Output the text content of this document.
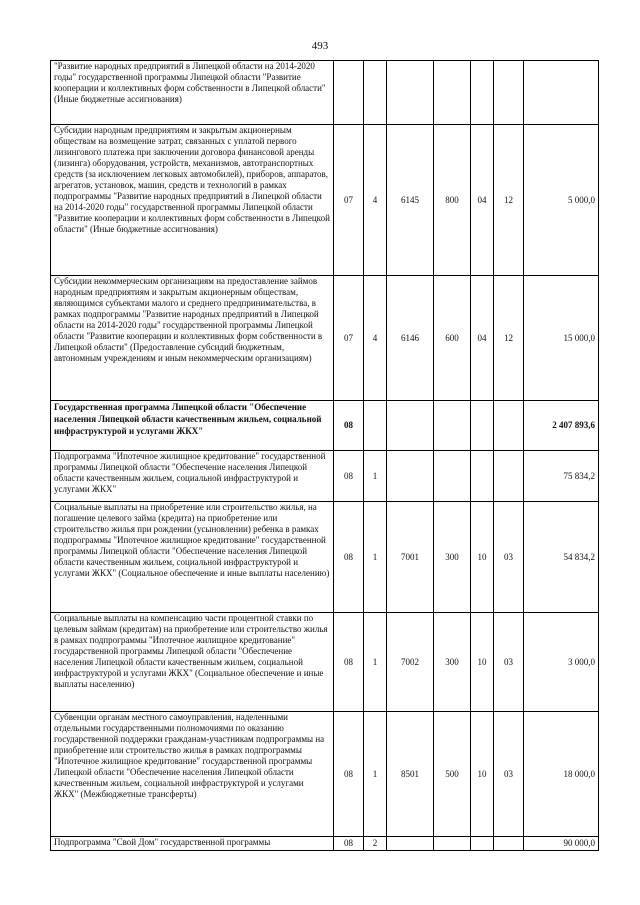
493
"Развитие народных предприятий в Липецкой области на 2014-2020 годы" государственной программы Липецкой области "Развитие кооперации и коллективных форм собственности в Липецкой области" (Иные бюджетные ассигнования)							
Субсидии народным предприятиям и закрытым акционерным обществам на возмещение затрат, связанных с уплатой первого лизингового платежа при заключении договора финансовой аренды (лизинга) оборудования, устройств, механизмов, автотранспортных средств (за исключением легковых автомобилей), приборов, аппаратов, агрегатов, установок, машин, средств и технологий в рамках подпрограммы "Развитие народных предприятий в Липецкой области на 2014-2020 годы" государственной программы Липецкой области "Развитие кооперации и коллективных форм собственности в Липецкой области" (Иные бюджетные ассигнования)	07	4	6145	800	04	12	5 000,0
Субсидии некоммерческим организациям на предоставление займов народным предприятиям и закрытым акционерным обществам, являющимся субъектами малого и среднего предпринимательства, в рамках подпрограммы "Развитие народных предприятий в Липецкой области на 2014-2020 годы" государственной программы Липецкой области "Развитие кооперации и коллективных форм собственности в Липецкой области" (Предоставление субсидий бюджетным, автономным учреждениям и иным некоммерческим организациям)	07	4	6146	600	04	12	15 000,0
Государственная программа Липецкой области "Обеспечение населения Липецкой области качественным жильем, социальной инфраструктурой и услугами ЖКХ"	08						2 407 893,6
Подпрограмма "Ипотечное жилищное кредитование" государственной программы Липецкой области "Обеспечение населения Липецкой области качественным жильем, социальной инфраструктурой и услугами ЖКХ"	08	1					75 834,2
Социальные выплаты на приобретение или строительство жилья, на погашение целевого займа (кредита) на приобретение или строительство жилья при рождении (усыновлении) ребенка в рамках подпрограммы "Ипотечное жилищное кредитование" государственной программы Липецкой области "Обеспечение населения Липецкой области качественным жильем, социальной инфраструктурой и услугами ЖКХ" (Социальное обеспечение и иные выплаты населению)	08	1	7001	300	10	03	54 834,2
Социальные выплаты на компенсацию части процентной ставки по целевым займам (кредитам) на приобретение или строительство жилья в рамках подпрограммы "Ипотечное жилищное кредитование" государственной программы Липецкой области "Обеспечение населения Липецкой области качественным жильем, социальной инфраструктурой и услугами ЖКХ" (Социальное обеспечение и иные выплаты населению)	08	1	7002	300	10	03	3 000,0
Субвенции органам местного самоуправления, наделенными отдельными государственными полномочиями по оказанию государственной поддержки гражданам-участникам подпрограммы на приобретение или строительство жилья в рамках подпрограммы "Ипотечное жилищное кредитование" государственной программы Липецкой области "Обеспечение населения Липецкой области качественным жильем, социальной инфраструктурой и услугами ЖКХ" (Межбюджетные трансферты)	08	1	8501	500	10	03	18 000,0
Подпрограмма "Свой Дом" государственной программы	08	2					90 000,0
